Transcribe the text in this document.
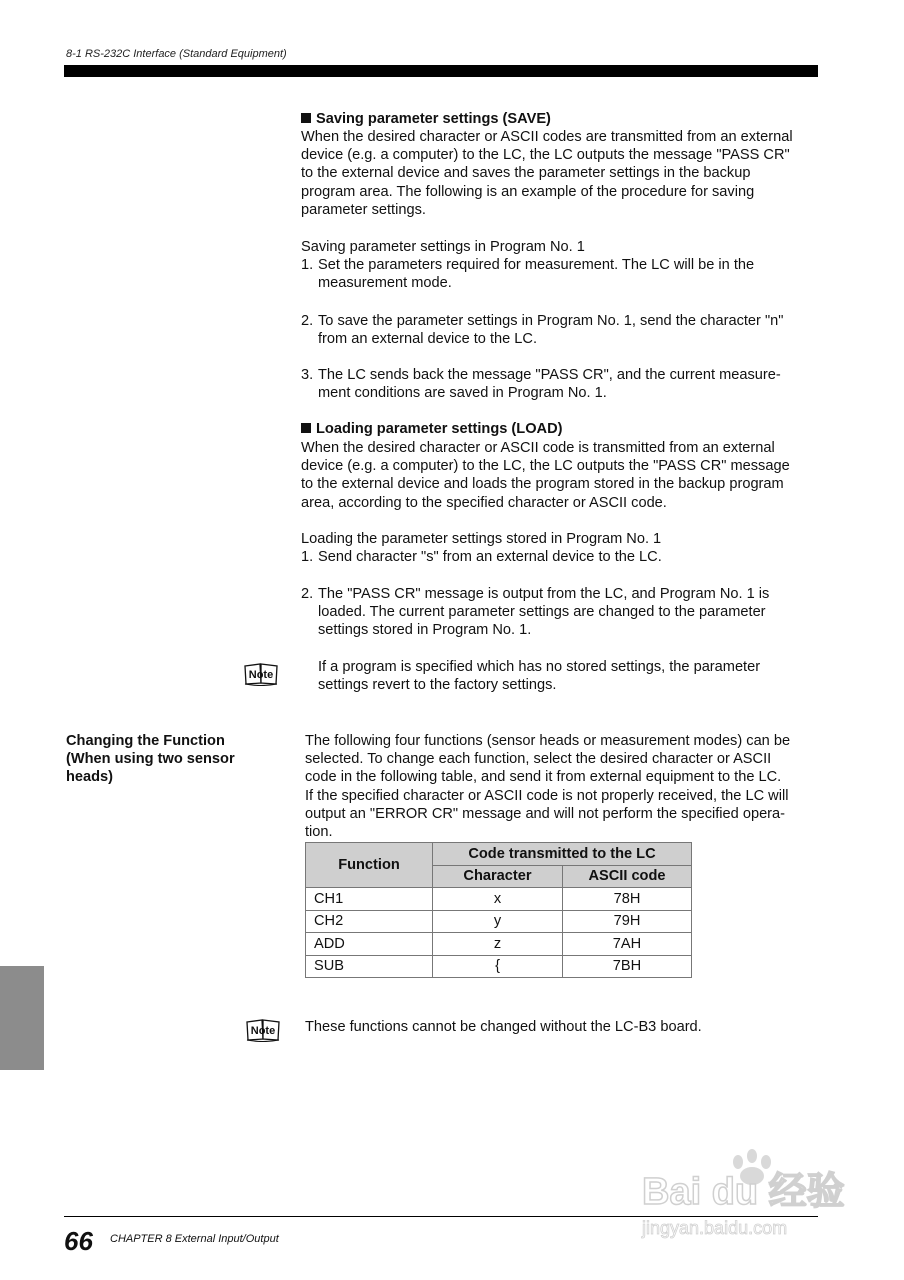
8-1 RS-232C Interface (Standard Equipment)
Saving parameter settings (SAVE)
When the desired character or ASCII codes are transmitted from an external
device (e.g. a computer) to the LC, the LC outputs the message "PASS CR"
to the external device and saves the parameter settings in the backup
program area. The following is an example of the procedure for saving
parameter settings.
Saving parameter settings in Program No. 1
1. Set the parameters required for measurement. The LC will be in the
measurement mode.
2. To save the parameter settings in Program No. 1, send the character "n"
from an external device to the LC.
3. The LC sends back the message "PASS CR", and the current measure-
ment conditions are saved in Program No. 1.
Loading parameter settings (LOAD)
When the desired character or ASCII code is transmitted from an external
device (e.g. a computer) to the LC, the LC outputs the "PASS CR" message
to the external device and loads the program stored in the backup program
area, according to the specified character or ASCII code.
Loading the parameter settings stored in Program No. 1
1. Send character "s" from an external device to the LC.
2. The "PASS CR" message is output from the LC, and Program No. 1 is
loaded. The current parameter settings are changed to the parameter
settings stored in Program No. 1.
Note	If a program is specified which has no stored settings, the parameter
settings revert to the factory settings.
Changing the Function
(When using two sensor
heads)
The following four functions (sensor heads or measurement modes) can be
selected. To change each function, select the desired character or ASCII
code in the following table, and send it from external equipment to the LC.
If the specified character or ASCII code is not properly received, the LC will
output an "ERROR CR" message and will not perform the specified opera-
tion.
Function	Code transmitted to the LC	
	Character	ASCII code
CH1	x	78H
CH2	y	79H
ADD	z	7AH
SUB	{	7BH
Note These functions cannot be changed without the LC-B3 board.
Bai du 经验
jingyan.baidu.com
66 CHAPTER 8 External Input/Output
